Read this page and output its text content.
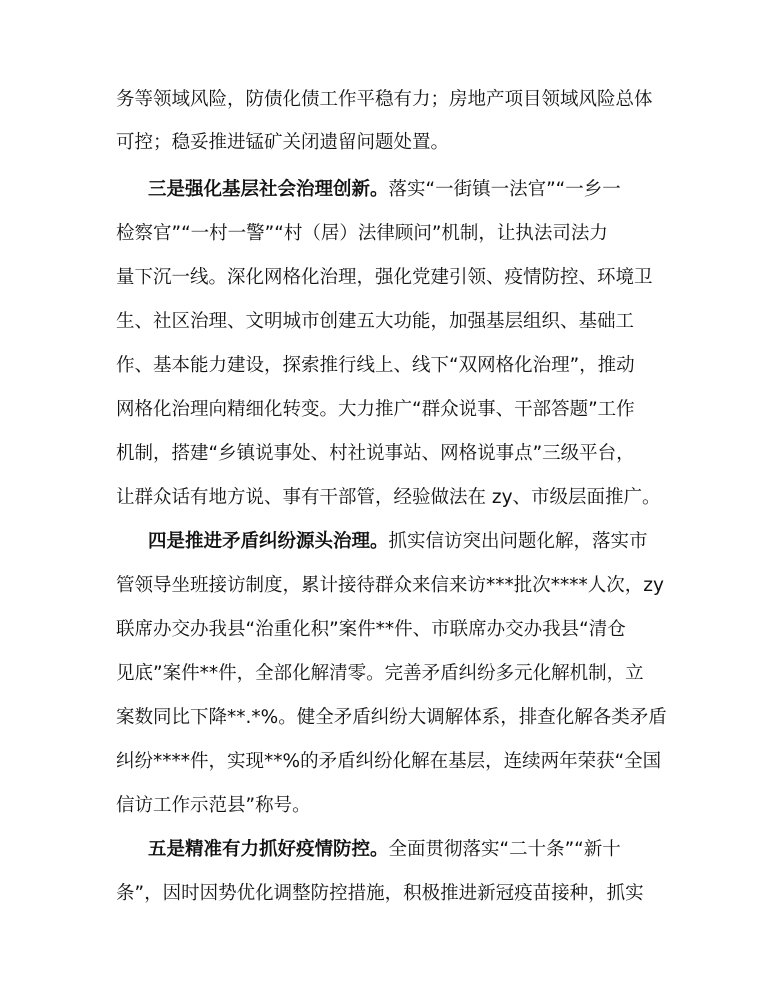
务等领域风险，防债化债工作平稳有力；房地产项目领域风险总体
可控；稳妥推进锰矿关闭遗留问题处置。
三是强化基层社会治理创新。落实“一街镇一法官”“一乡一
检察官”“一村一警”“村（居）法律顾问”机制，让执法司法力
量下沉一线。深化网格化治理，强化党建引领、疫情防控、环境卫
生、社区治理、文明城市创建五大功能，加强基层组织、基础工
作、基本能力建设，探索推行线上、线下“双网格化治理”，推动
网格化治理向精细化转变。大力推广“群众说事、干部答题”工作
机制，搭建“乡镇说事处、村社说事站、网格说事点”三级平台，
让群众话有地方说、事有干部管，经验做法在 zy、市级层面推广。
四是推进矛盾纠纷源头治理。抓实信访突出问题化解，落实市
管领导坐班接访制度，累计接待群众来信来访***批次****人次，zy
联席办交办我县“治重化积”案件**件、市联席办交办我县“清仓
见底”案件**件，全部化解清零。完善矛盾纠纷多元化解机制，立
案数同比下降**.*%。健全矛盾纠纷大调解体系，排查化解各类矛盾
纠纷****件，实现**%的矛盾纠纷化解在基层，连续两年荣获“全国
信访工作示范县”称号。
五是精准有力抓好疫情防控。全面贯彻落实“二十条”“新十
条”，因时因势优化调整防控措施，积极推进新冠疫苗接种，抓实
